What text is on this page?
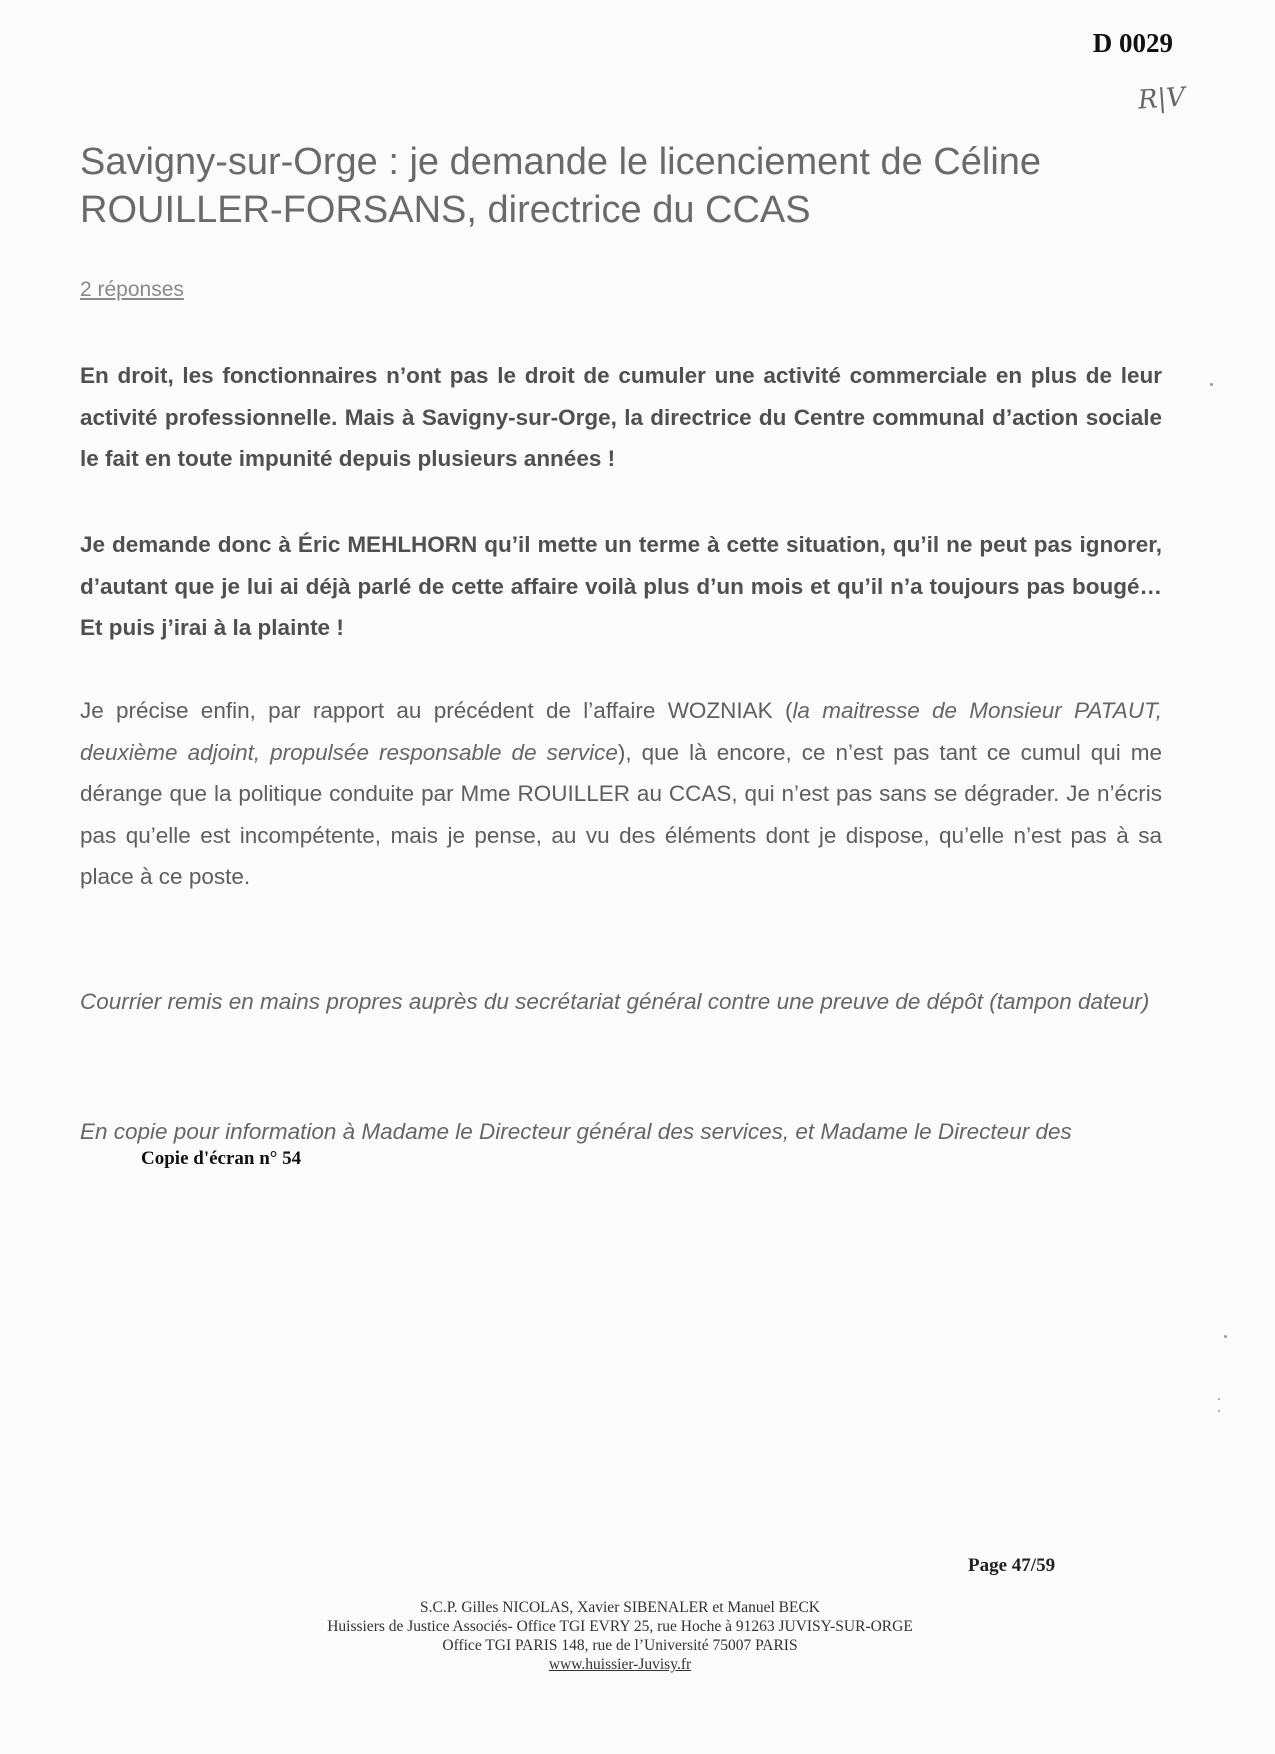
D 0029
R|V
Savigny-sur-Orge : je demande le licenciement de Céline ROUILLER-FORSANS, directrice du CCAS
2 réponses

En droit, les fonctionnaires n’ont pas le droit de cumuler une activité commerciale en plus de leur activité professionnelle. Mais à Savigny-sur-Orge, la directrice du Centre communal d’action sociale le fait en toute impunité depuis plusieurs années !

Je demande donc à Éric MEHLHORN qu’il mette un terme à cette situation, qu’il ne peut pas ignorer, d’autant que je lui ai déjà parlé de cette affaire voilà plus d’un mois et qu’il n’a toujours pas bougé… Et puis j’irai à la plainte !

Je précise enfin, par rapport au précédent de l’affaire WOZNIAK (la maitresse de Monsieur PATAUT, deuxième adjoint, propulsée responsable de service), que là encore, ce n’est pas tant ce cumul qui me dérange que la politique conduite par Mme ROUILLER au CCAS, qui n’est pas sans se dégrader. Je n’écris pas qu’elle est incompétente, mais je pense, au vu des éléments dont je dispose, qu’elle n’est pas à sa place à ce poste.

Courrier remis en mains propres auprès du secrétariat général contre une preuve de dépôt (tampon dateur)

En copie pour information à Madame le Directeur général des services, et Madame le Directeur des

Copie d'écran n° 54
Page 47/59
S.C.P. Gilles NICOLAS, Xavier SIBENALER et Manuel BECK
Huissiers de Justice Associés- Office TGI EVRY 25, rue Hoche à 91263 JUVISY-SUR-ORGE
Office TGI PARIS 148, rue de l’Université 75007 PARIS
www.huissier-Juvisy.fr
